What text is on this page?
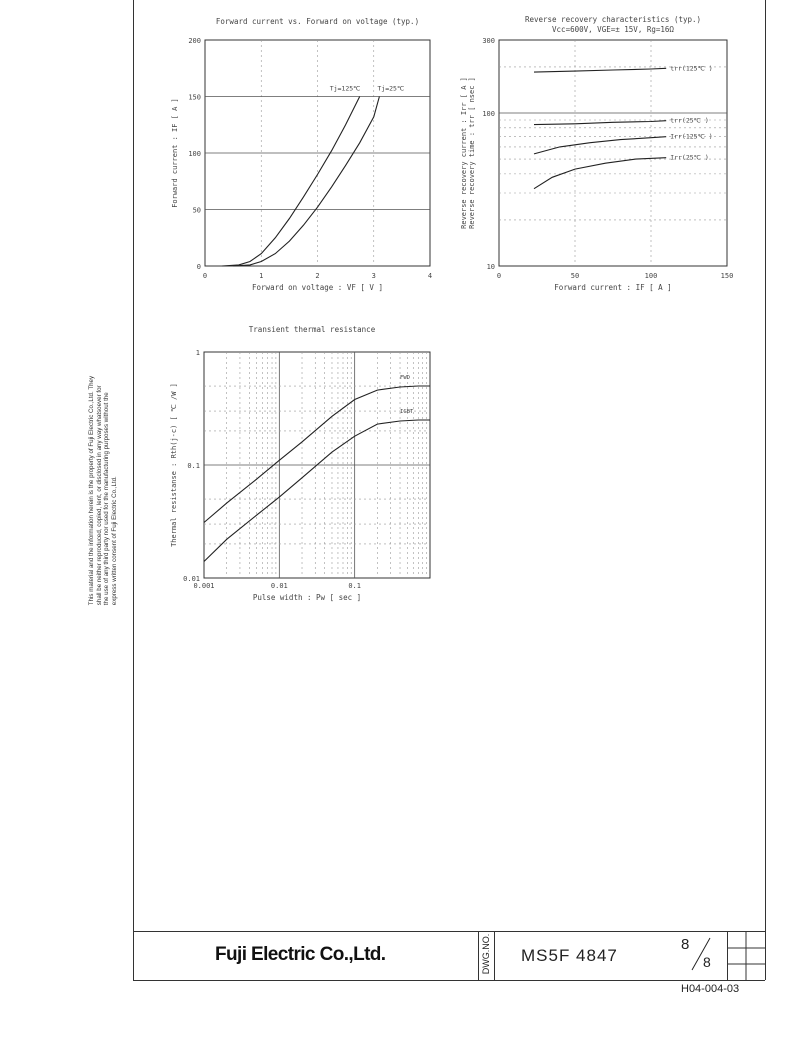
This material and the information herein is the property of Fuji Electric Co.,Ltd. They shall be neither reproduced, copied, lent, or disclosed in any way whatsoever for the use of any third party nor used for the manufacturing purposes without the express written consent of Fuji Electric Co.,Ltd.
0	1	2	3	4
0
50
100
150
200
Forward current vs. Forward on voltage (typ.)
Forward on voltage : VF [ V ]
Forward current : IF [ A ]
Tj=125℃	Tj=25℃
0	50	100	150
10
100
300
Reverse recovery characteristics (typ.)
Vcc=600V, VGE=± 15V, Rg=16Ω
Forward current : IF [ A ]
Reverse recovery current : Irr [ A ] Reverse recovery time : trr [ nsec ]
trr(125℃ )
trr(25℃ )
Irr(125℃ )
Irr(25℃ )
0.001	0.01	0.1
0.01
0.1
1
Transient thermal resistance
Pulse width : Pw [ sec ]
Thermal resistanse : Rth(j-c) [ ℃ /W ]
FWD
IGBT
Fuji Electric Co.,Ltd.	DWG.NO. MS5F 4847
8
8
H04-004-03
